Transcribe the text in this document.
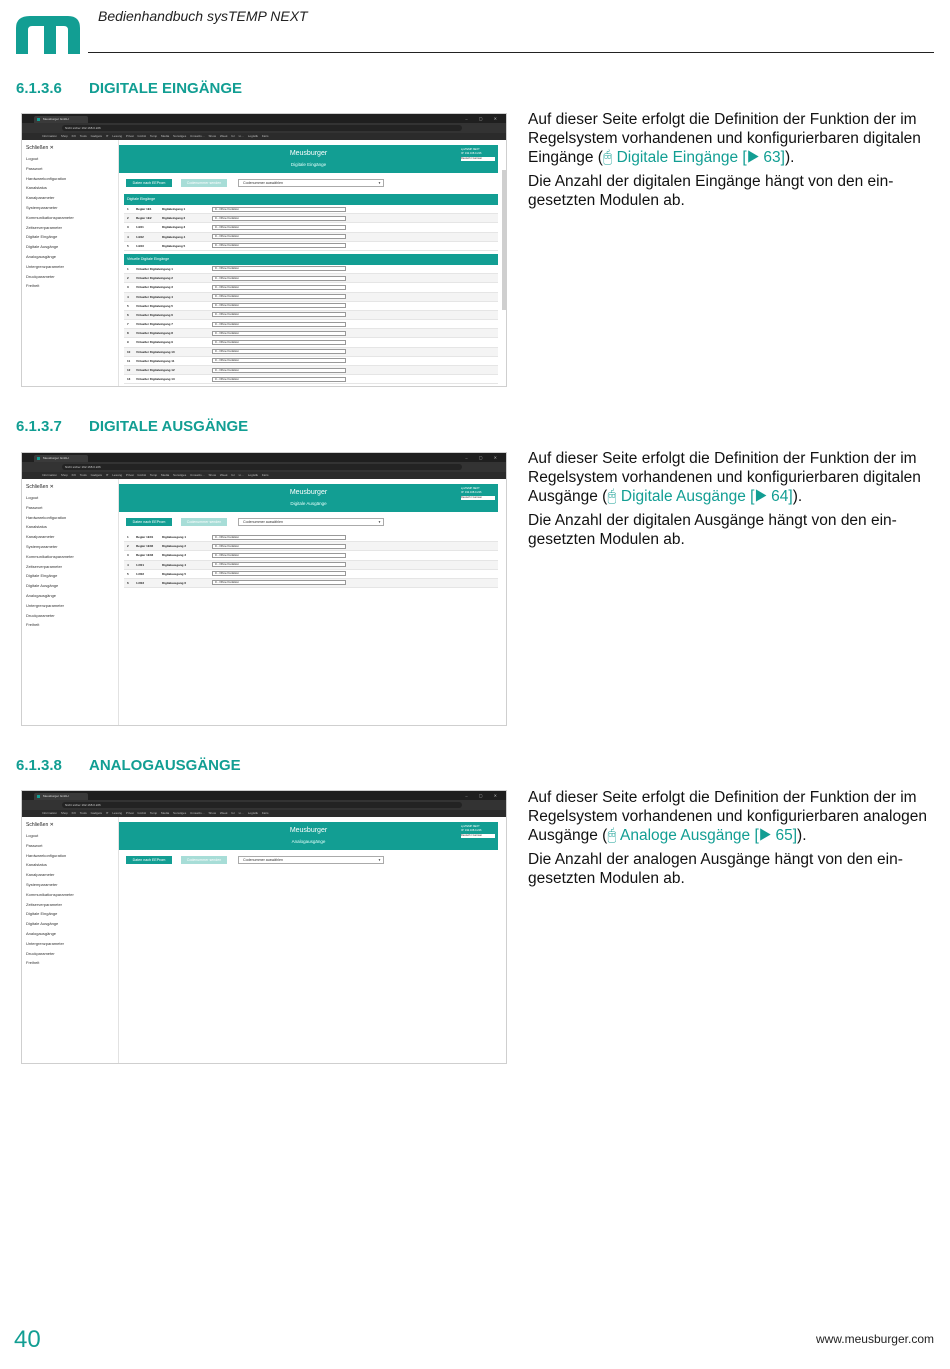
Bedienhandbuch sysTEMP NEXT
6.1.3.6 DIGITALE EINGÄNGE
6.1.3.7 DIGITALE AUSGÄNGE
6.1.3.8 ANALOGAUSGÄNGE

Auf dieser Seite erfolgt die Definition der Funktion der im Regelsystem vorhandenen und konfigurierbaren digitalen Eingänge (🖰 Digitale Eingänge [▶ 63]).

Die Anzahl der digitalen Eingänge hängt von den eingesetzten Modulen ab.

Auf dieser Seite erfolgt die Definition der Funktion der im Regelsystem vorhandenen und konfigurierbaren digitalen Ausgänge (🖰 Digitale Ausgänge [▶ 64]).

Die Anzahl der digitalen Ausgänge hängt von den eingesetzten Modulen ab.

Auf dieser Seite erfolgt die Definition der Funktion der im Regelsystem vorhandenen und konfigurierbaren analogen Ausgänge (🖰 Analoge Ausgänge [▶ 65]).

Die Anzahl der analogen Ausgänge hängt von den eingesetzten Modulen ab.

Meusburger GmbH	– ▢ ✕
Nicht sicher 192.168.0.226
Information Shop Kfz Tools Gadgets IT Lesung Privat GmbH Temp Media Sonstiges Umsatzs… Show Week for Li… Logistik Fairs
Schließen ✕
Logout
Passwort
Hardwarekonfiguration
Kanalstatus
Kanalparameter
Systemparameter
Kommunikationsparameter
Zeitserverparameter
Digitale Eingänge
Digitale Ausgänge
Analogausgänge
Untergrenzparameter
Druckparameter
Freiheit
Meusburger
Digitale Eingänge
sysTEMP NEXT
IP: 192.168.0.226
Deutsch / German
Daten nach EEProm	Codenummer senden	Codenummer auswählen	▼
Digitale Eingänge
1 Regler 1E1	Digitaleingang 1	0 - Ohne Funktion
2 Regler 1E2	Digitaleingang 2	0 - Ohne Funktion
3 1.E01	Digitaleingang 3	0 - Ohne Funktion
4 1.E02	Digitaleingang 4	0 - Ohne Funktion
5 1.E03	Digitaleingang 5	0 - Ohne Funktion
Virtuelle Digitale Eingänge
1 Virtueller Digitaleingang 1	0 - Ohne Funktion
2 Virtueller Digitaleingang 2	0 - Ohne Funktion
3 Virtueller Digitaleingang 3	0 - Ohne Funktion
4 Virtueller Digitaleingang 4	0 - Ohne Funktion
5 Virtueller Digitaleingang 5	0 - Ohne Funktion
6 Virtueller Digitaleingang 6	0 - Ohne Funktion
7 Virtueller Digitaleingang 7	0 - Ohne Funktion
8 Virtueller Digitaleingang 8	0 - Ohne Funktion
9 Virtueller Digitaleingang 9	0 - Ohne Funktion
10 Virtueller Digitaleingang 10	0 - Ohne Funktion
11 Virtueller Digitaleingang 11	0 - Ohne Funktion
12 Virtueller Digitaleingang 12	0 - Ohne Funktion
13 Virtueller Digitaleingang 13	0 - Ohne Funktion
Meusburger GmbH	– ▢ ✕
Nicht sicher 192.168.0.226
Information Shop Kfz Tools Gadgets IT Lesung Privat GmbH Temp Media Sonstiges Umsatzs… Show Week for Li… Logistik Fairs
Schließen ✕
Logout
Passwort
Hardwarekonfiguration
Kanalstatus
Kanalparameter
Systemparameter
Kommunikationsparameter
Zeitserverparameter
Digitale Eingänge
Digitale Ausgänge
Analogausgänge
Untergrenzparameter
Druckparameter
Freiheit
Meusburger
Digitale Ausgänge
sysTEMP NEXT
IP: 192.168.0.226
Deutsch / German
Daten nach EEProm	Codenummer senden	Codenummer auswählen	▼
1 Regler 1E01	Digitalausgang 1	0 - Ohne Funktion
2 Regler 1E02	Digitalausgang 2	0 - Ohne Funktion
3 Regler 1E03	Digitalausgang 3	0 - Ohne Funktion
4 1.D01	Digitalausgang 4	0 - Ohne Funktion
5 1.D02	Digitalausgang 5	0 - Ohne Funktion
6 1.D03	Digitalausgang 6	0 - Ohne Funktion
Meusburger GmbH	– ▢ ✕
Nicht sicher 192.168.0.226
Information Shop Kfz Tools Gadgets IT Lesung Privat GmbH Temp Media Sonstiges Umsatzs… Show Week for Li… Logistik Fairs
Schließen ✕
Logout
Passwort
Hardwarekonfiguration
Kanalstatus
Kanalparameter
Systemparameter
Kommunikationsparameter
Zeitserverparameter
Digitale Eingänge
Digitale Ausgänge
Analogausgänge
Untergrenzparameter
Druckparameter
Freiheit
Meusburger
Analogausgänge
sysTEMP NEXT
IP: 192.168.0.226
Deutsch / German
Daten nach EEProm	Codenummer senden	Codenummer auswählen	▼
40	www.meusburger.com
